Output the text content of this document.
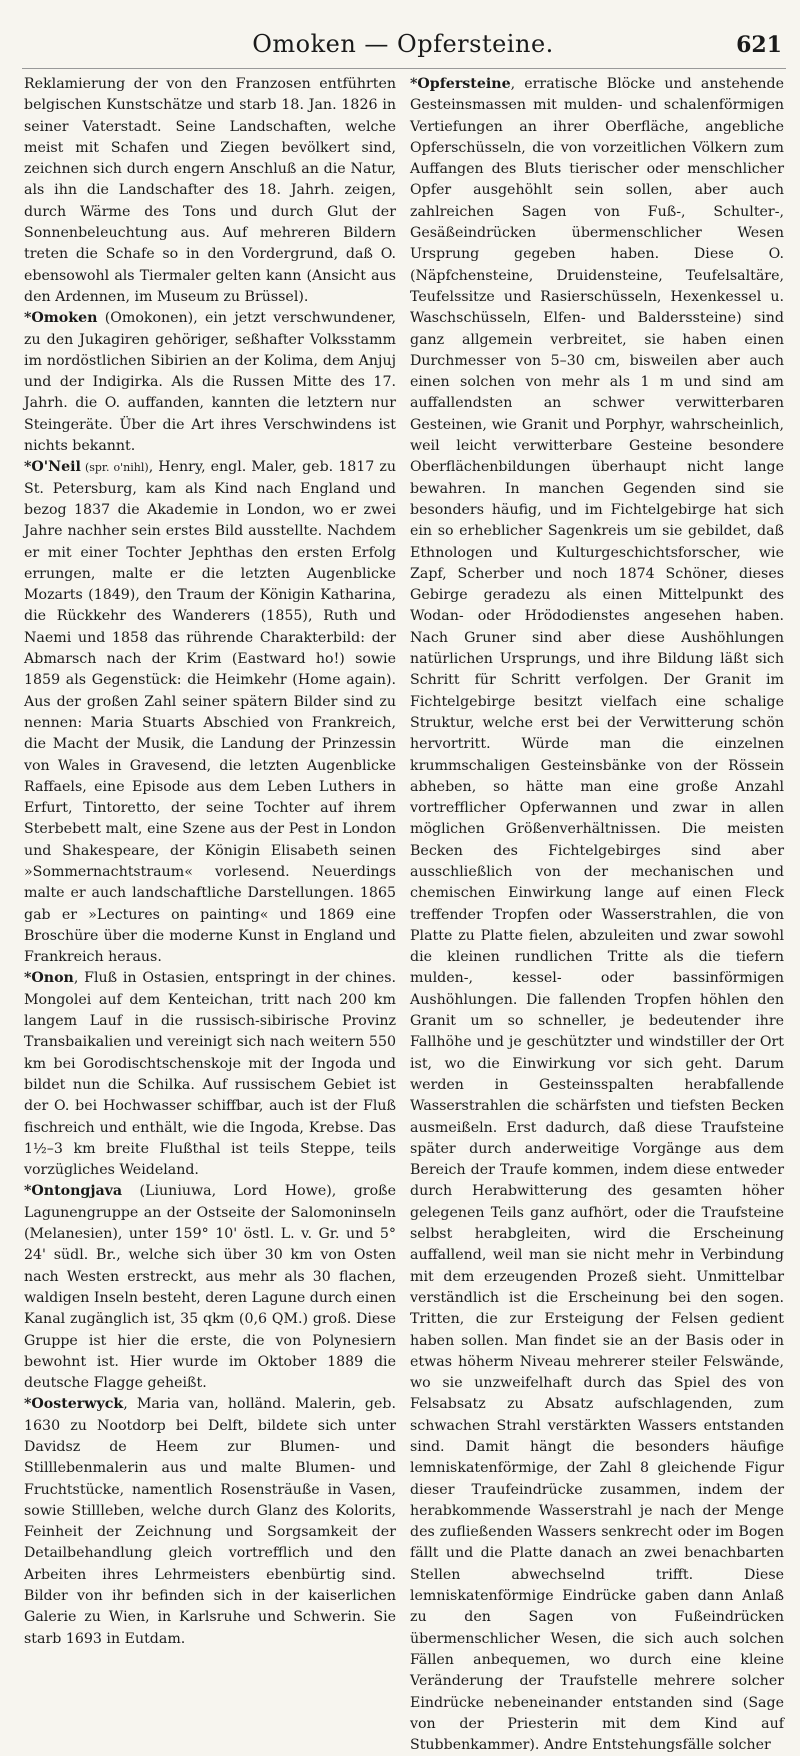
Omoken — Opfersteine.	621

Reklamierung der von den Franzosen entführten belgischen Kunstschätze und starb 18. Jan. 1826 in seiner Vaterstadt. Seine Landschaften, welche meist mit Schafen und Ziegen bevölkert sind, zeichnen sich durch engern Anschluß an die Natur, als ihn die Landschafter des 18. Jahrh. zeigen, durch Wärme des Tons und durch Glut der Sonnenbeleuchtung aus. Auf mehreren Bildern treten die Schafe so in den Vordergrund, daß O. ebensowohl als Tiermaler gelten kann (Ansicht aus den Ardennen, im Museum zu Brüssel).

*Omoken (Omokonen), ein jetzt verschwundener, zu den Jukagiren gehöriger, seßhafter Volksstamm im nordöstlichen Sibirien an der Kolima, dem Anjuj und der Indigirka. Als die Russen Mitte des 17. Jahrh. die O. auffanden, kannten die letztern nur Steingeräte. Über die Art ihres Verschwindens ist nichts bekannt.

*O'Neil (spr. o'nihl), Henry, engl. Maler, geb. 1817 zu St. Petersburg, kam als Kind nach England und bezog 1837 die Akademie in London, wo er zwei Jahre nachher sein erstes Bild ausstellte. Nachdem er mit einer Tochter Jephthas den ersten Erfolg errungen, malte er die letzten Augenblicke Mozarts (1849), den Traum der Königin Katharina, die Rückkehr des Wanderers (1855), Ruth und Naemi und 1858 das rührende Charakterbild: der Abmarsch nach der Krim (Eastward ho!) sowie 1859 als Gegenstück: die Heimkehr (Home again). Aus der großen Zahl seiner spätern Bilder sind zu nennen: Maria Stuarts Abschied von Frankreich, die Macht der Musik, die Landung der Prinzessin von Wales in Gravesend, die letzten Augenblicke Raffaels, eine Episode aus dem Leben Luthers in Erfurt, Tintoretto, der seine Tochter auf ihrem Sterbebett malt, eine Szene aus der Pest in London und Shakespeare, der Königin Elisabeth seinen »Sommernachtstraum« vorlesend. Neuerdings malte er auch landschaftliche Darstellungen. 1865 gab er »Lectures on painting« und 1869 eine Broschüre über die moderne Kunst in England und Frankreich heraus.

*Onon, Fluß in Ostasien, entspringt in der chines. Mongolei auf dem Kenteichan, tritt nach 200 km langem Lauf in die russisch-sibirische Provinz Transbaikalien und vereinigt sich nach weitern 550 km bei Gorodischtschenskoje mit der Ingoda und bildet nun die Schilka. Auf russischem Gebiet ist der O. bei Hochwasser schiffbar, auch ist der Fluß fischreich und enthält, wie die Ingoda, Krebse. Das 1½–3 km breite Flußthal ist teils Steppe, teils vorzügliches Weideland.

*Ontongjava (Liuniuwa, Lord Howe), große Lagunengruppe an der Ostseite der Salomoninseln (Melanesien), unter 159° 10' östl. L. v. Gr. und 5° 24' südl. Br., welche sich über 30 km von Osten nach Westen erstreckt, aus mehr als 30 flachen, waldigen Inseln besteht, deren Lagune durch einen Kanal zugänglich ist, 35 qkm (0,6 QM.) groß. Diese Gruppe ist hier die erste, die von Polynesiern bewohnt ist. Hier wurde im Oktober 1889 die deutsche Flagge geheißt.

*Oosterwyck, Maria van, holländ. Malerin, geb. 1630 zu Nootdorp bei Delft, bildete sich unter Davidsz de Heem zur Blumen- und Stilllebenmalerin aus und malte Blumen- und Fruchtstücke, namentlich Rosensträuße in Vasen, sowie Stillleben, welche durch Glanz des Kolorits, Feinheit der Zeichnung und Sorgsamkeit der Detailbehandlung gleich vortrefflich und den Arbeiten ihres Lehrmeisters ebenbürtig sind. Bilder von ihr befinden sich in der kaiserlichen Galerie zu Wien, in Karlsruhe und Schwerin. Sie starb 1693 in Eutdam.

*Opfersteine, erratische Blöcke und anstehende Gesteinsmassen mit mulden- und schalenförmigen Vertiefungen an ihrer Oberfläche, angebliche Opferschüsseln, die von vorzeitlichen Völkern zum Auffangen des Bluts tierischer oder menschlicher Opfer ausgehöhlt sein sollen, aber auch zahlreichen Sagen von Fuß-, Schulter-, Gesäßeindrücken übermenschlicher Wesen Ursprung gegeben haben. Diese O. (Näpfchensteine, Druidensteine, Teufelsaltäre, Teufelssitze und Rasierschüsseln, Hexenkessel u. Waschschüsseln, Elfen- und Balderssteine) sind ganz allgemein verbreitet, sie haben einen Durchmesser von 5–30 cm, bisweilen aber auch einen solchen von mehr als 1 m und sind am auffallendsten an schwer verwitterbaren Gesteinen, wie Granit und Porphyr, wahrscheinlich, weil leicht verwitterbare Gesteine besondere Oberflächenbildungen überhaupt nicht lange bewahren. In manchen Gegenden sind sie besonders häufig, und im Fichtelgebirge hat sich ein so erheblicher Sagenkreis um sie gebildet, daß Ethnologen und Kulturgeschichtsforscher, wie Zapf, Scherber und noch 1874 Schöner, dieses Gebirge geradezu als einen Mittelpunkt des Wodan- oder Hrödodienstes angesehen haben. Nach Gruner sind aber diese Aushöhlungen natürlichen Ursprungs, und ihre Bildung läßt sich Schritt für Schritt verfolgen. Der Granit im Fichtelgebirge besitzt vielfach eine schalige Struktur, welche erst bei der Verwitterung schön hervortritt. Würde man die einzelnen krummschaligen Gesteinsbänke von der Rössein abheben, so hätte man eine große Anzahl vortrefflicher Opferwannen und zwar in allen möglichen Größenverhältnissen. Die meisten Becken des Fichtelgebirges sind aber ausschließlich von der mechanischen und chemischen Einwirkung lange auf einen Fleck treffender Tropfen oder Wasserstrahlen, die von Platte zu Platte fielen, abzuleiten und zwar sowohl die kleinen rundlichen Tritte als die tiefern mulden-, kessel- oder bassinförmigen Aushöhlungen. Die fallenden Tropfen höhlen den Granit um so schneller, je bedeutender ihre Fallhöhe und je geschützter und windstiller der Ort ist, wo die Einwirkung vor sich geht. Darum werden in Gesteinsspalten herabfallende Wasserstrahlen die schärfsten und tiefsten Becken ausmeißeln. Erst dadurch, daß diese Traufsteine später durch anderweitige Vorgänge aus dem Bereich der Traufe kommen, indem diese entweder durch Herabwitterung des gesamten höher gelegenen Teils ganz aufhört, oder die Traufsteine selbst herabgleiten, wird die Erscheinung auffallend, weil man sie nicht mehr in Verbindung mit dem erzeugenden Prozeß sieht. Unmittelbar verständlich ist die Erscheinung bei den sogen. Tritten, die zur Ersteigung der Felsen gedient haben sollen. Man findet sie an der Basis oder in etwas höherm Niveau mehrerer steiler Felswände, wo sie unzweifelhaft durch das Spiel des von Felsabsatz zu Absatz aufschlagenden, zum schwachen Strahl verstärkten Wassers entstanden sind. Damit hängt die besonders häufige lemniskatenförmige, der Zahl 8 gleichende Figur dieser Traufeindrücke zusammen, indem der herabkommende Wasserstrahl je nach der Menge des zufließenden Wassers senkrecht oder im Bogen fällt und die Platte danach an zwei benachbarten Stellen abwechselnd trifft. Diese lemniskatenförmige Eindrücke gaben dann Anlaß zu den Sagen von Fußeindrücken übermenschlicher Wesen, die sich auch solchen Fällen anbequemen, wo durch eine kleine Veränderung der Traufstelle mehrere solcher Eindrücke nebeneinander entstanden sind (Sage von der Priesterin mit dem Kind auf Stubbenkammer). Andre Entstehungsfälle solcher
